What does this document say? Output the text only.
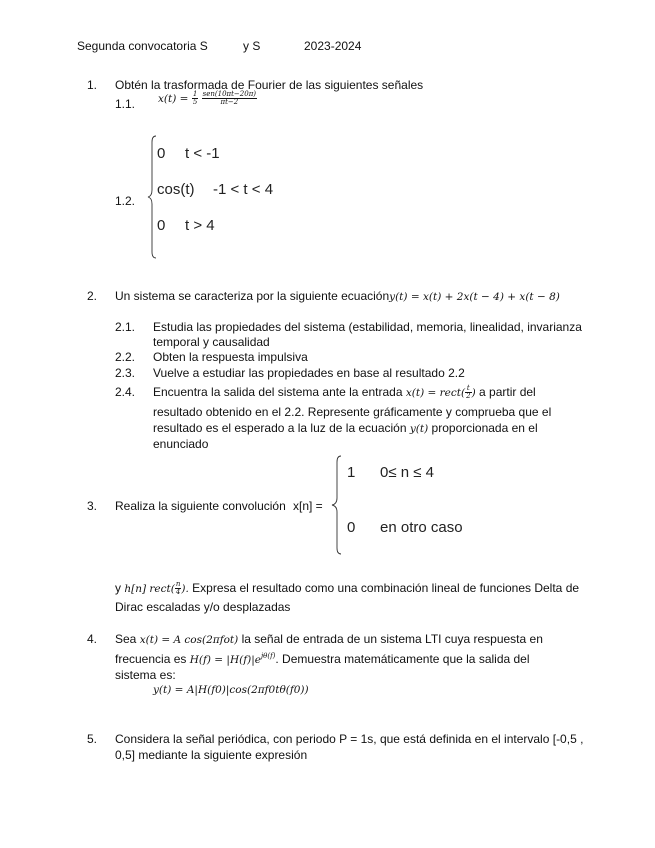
Segunda convocatoria S	y S	2023-2024
1. Obtén la trasformada de Fourier de las siguientes señales
1.1. $x(t) = \frac{1}{5}$
$\frac{\text{sen(10πt−20π)}}{\pi t-2}$
1.2.
0 t < -1
cos(t) -1 < t < 4
0 t > 4
2. Un sistema se caracteriza por la siguiente ecuacióny(t) = x(t) + 2x(t − 4) + x(t − 8)
2.1. Estudia las propiedades del sistema (estabilidad, memoria, linealidad, invarianza
temporal y causalidad
2.2. Obten la respuesta impulsiva
2.3. Vuelve a estudiar las propiedades en base al resultado 2.2
2.4. Encuentra la salida del sistema ante la entrada x(t) = rect( $\frac{t}{2}$ ) a partir del
resultado obtenido en el 2.2. Represente gráficamente y comprueba que el
resultado es el esperado a la luz de la ecuación y(t) proporcionada en el
enunciado
3. Realiza la siguiente convolución x[n] =
1 0≤ n ≤ 4
0 en otro caso
y h[n] rect( $\frac{n}{4}$ ). Expresa el resultado como una combinación lineal de funciones Delta de
Dirac escaladas y/o desplazadas
4. Sea x(t) = A cos(2πfot) la señal de entrada de un sistema LTI cuya respuesta en
frecuencia es $H(f) = |H(f)|e^{j\theta(f)}$. Demuestra matemáticamente que la salida del
sistema es:
y(t) = A|H(f0)|cos(2πf0tθ(f0))
5. Considera la señal periódica, con periodo P = 1s, que está definida en el intervalo [-0,5 ,
0,5] mediante la siguiente expresión
